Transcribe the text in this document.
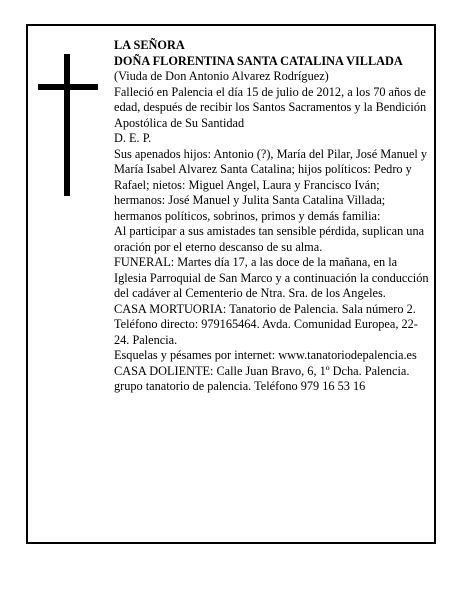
LA SEÑORA

DOÑA FLORENTINA SANTA CATALINA VILLADA

(Viuda de Don Antonio Alvarez Rodríguez)

Falleció en Palencia el día 15 de julio de 2012, a los 70 años de edad, después de recibir los Santos Sacramentos y la Bendición Apostólica de Su Santidad

D. E. P.

Sus apenados hijos: Antonio (?), María del Pilar, José Manuel y María Isabel Alvarez Santa Catalina; hijos políticos: Pedro y Rafael; nietos: Miguel Angel, Laura y Francisco Iván; hermanos: José Manuel y Julita Santa Catalina Villada; hermanos políticos, sobrinos, primos y demás familia:

Al participar a sus amistades tan sensible pérdida, suplican una oración por el eterno descanso de su alma.

FUNERAL: Martes día 17, a las doce de la mañana, en la Iglesia Parroquial de San Marco y a continuación la conducción del cadáver al Cementerio de Ntra. Sra. de los Angeles.

CASA MORTUORIA: Tanatorio de Palencia. Sala número 2. Teléfono directo: 979165464. Avda. Comunidad Europea, 22-24. Palencia.

Esquelas y pésames por internet: www.tanatoriodepalencia.es CASA DOLIENTE: Calle Juan Bravo, 6, 1º Dcha. Palencia. grupo tanatorio de palencia. Teléfono 979 16 53 16
